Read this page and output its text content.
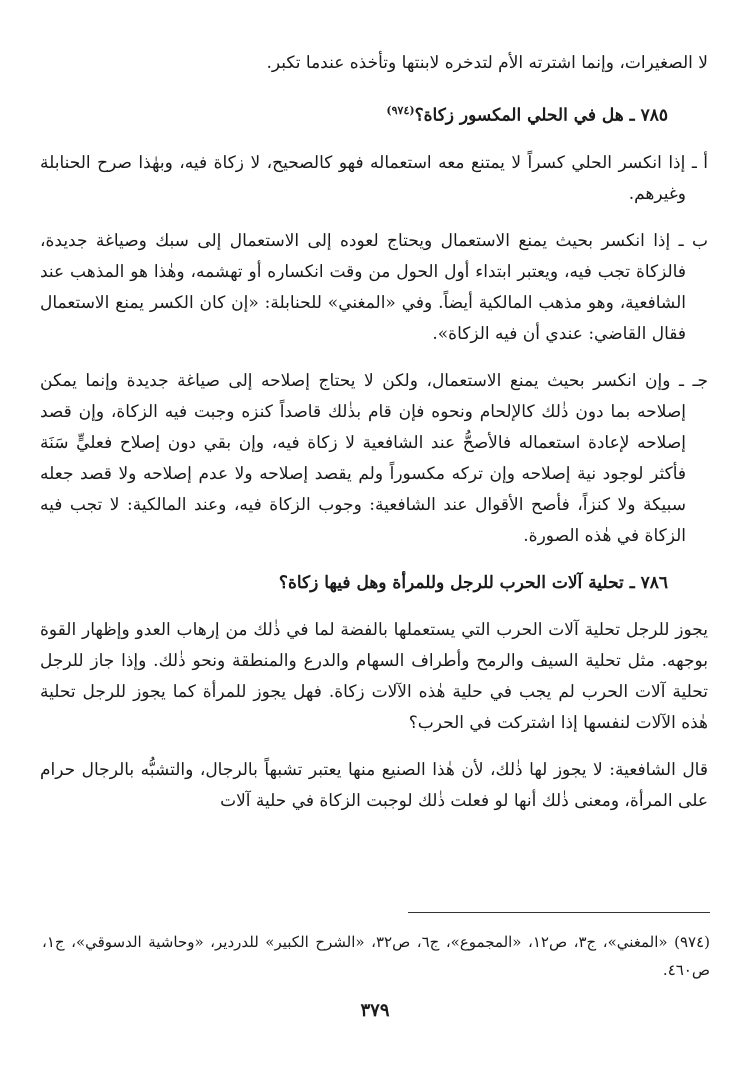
لا الصغيرات، وإنما اشترته الأم لتدخره لابنتها وتأخذه عندما تكبر.

٧٨٥ ـ هل في الحلي المكسور زكاة؟$^{(٩٧٤)}$

أ ـ إذا انكسر الحلي كسراً لا يمتنع معه استعماله فهو كالصحيح، لا زكاة فيه، وبهٰذا صرح الحنابلة وغيرهم.

ب ـ إذا انكسر بحيث يمنع الاستعمال ويحتاج لعوده إلى الاستعمال إلى سبك وصياغة جديدة، فالزكاة تجب فيه، ويعتبر ابتداء أول الحول من وقت انكساره أو تهشمه، وهٰذا هو المذهب عند الشافعية، وهو مذهب المالكية أيضاً. وفي «المغني» للحنابلة: «إن كان الكسر يمنع الاستعمال فقال القاضي: عندي أن فيه الزكاة».

جـ ـ وإن انكسر بحيث يمنع الاستعمال، ولكن لا يحتاج إصلاحه إلى صياغة جديدة وإنما يمكن إصلاحه بما دون ذٰلك كالإلحام ونحوه فإن قام بذٰلك قاصداً كنزه وجبت فيه الزكاة، وإن قصد إصلاحه لإعادة استعماله فالأصحُّ عند الشافعية لا زكاة فيه، وإن بقي دون إصلاح فعليٍّ سَنَة فأكثر لوجود نية إصلاحه وإن تركه مكسوراً ولم يقصد إصلاحه ولا عدم إصلاحه ولا قصد جعله سبيكة ولا كنزاً، فأصح الأقوال عند الشافعية: وجوب الزكاة فيه، وعند المالكية: لا تجب فيه الزكاة في هٰذه الصورة.

٧٨٦ ـ تحلية آلات الحرب للرجل وللمرأة وهل فيها زكاة؟

يجوز للرجل تحلية آلات الحرب التي يستعملها بالفضة لما في ذٰلك من إرهاب العدو وإظهار القوة بوجهه. مثل تحلية السيف والرمح وأطراف السهام والدرع والمنطقة ونحو ذٰلك. وإذا جاز للرجل تحلية آلات الحرب لم يجب في حلية هٰذه الآلات زكاة. فهل يجوز للمرأة كما يجوز للرجل تحلية هٰذه الآلات لنفسها إذا اشتركت في الحرب؟

قال الشافعية: لا يجوز لها ذٰلك، لأن هٰذا الصنيع منها يعتبر تشبهاً بالرجال، والتشبُّه بالرجال حرام على المرأة، ومعنى ذٰلك أنها لو فعلت ذٰلك لوجبت الزكاة في حلية آلات

(٩٧٤) «المغني»، ج٣، ص١٢، «المجموع»، ج٦، ص٣٢، «الشرح الكبير» للدردير، «وحاشية الدسوقي»، ج١، ص٤٦٠.
٣٧٩
